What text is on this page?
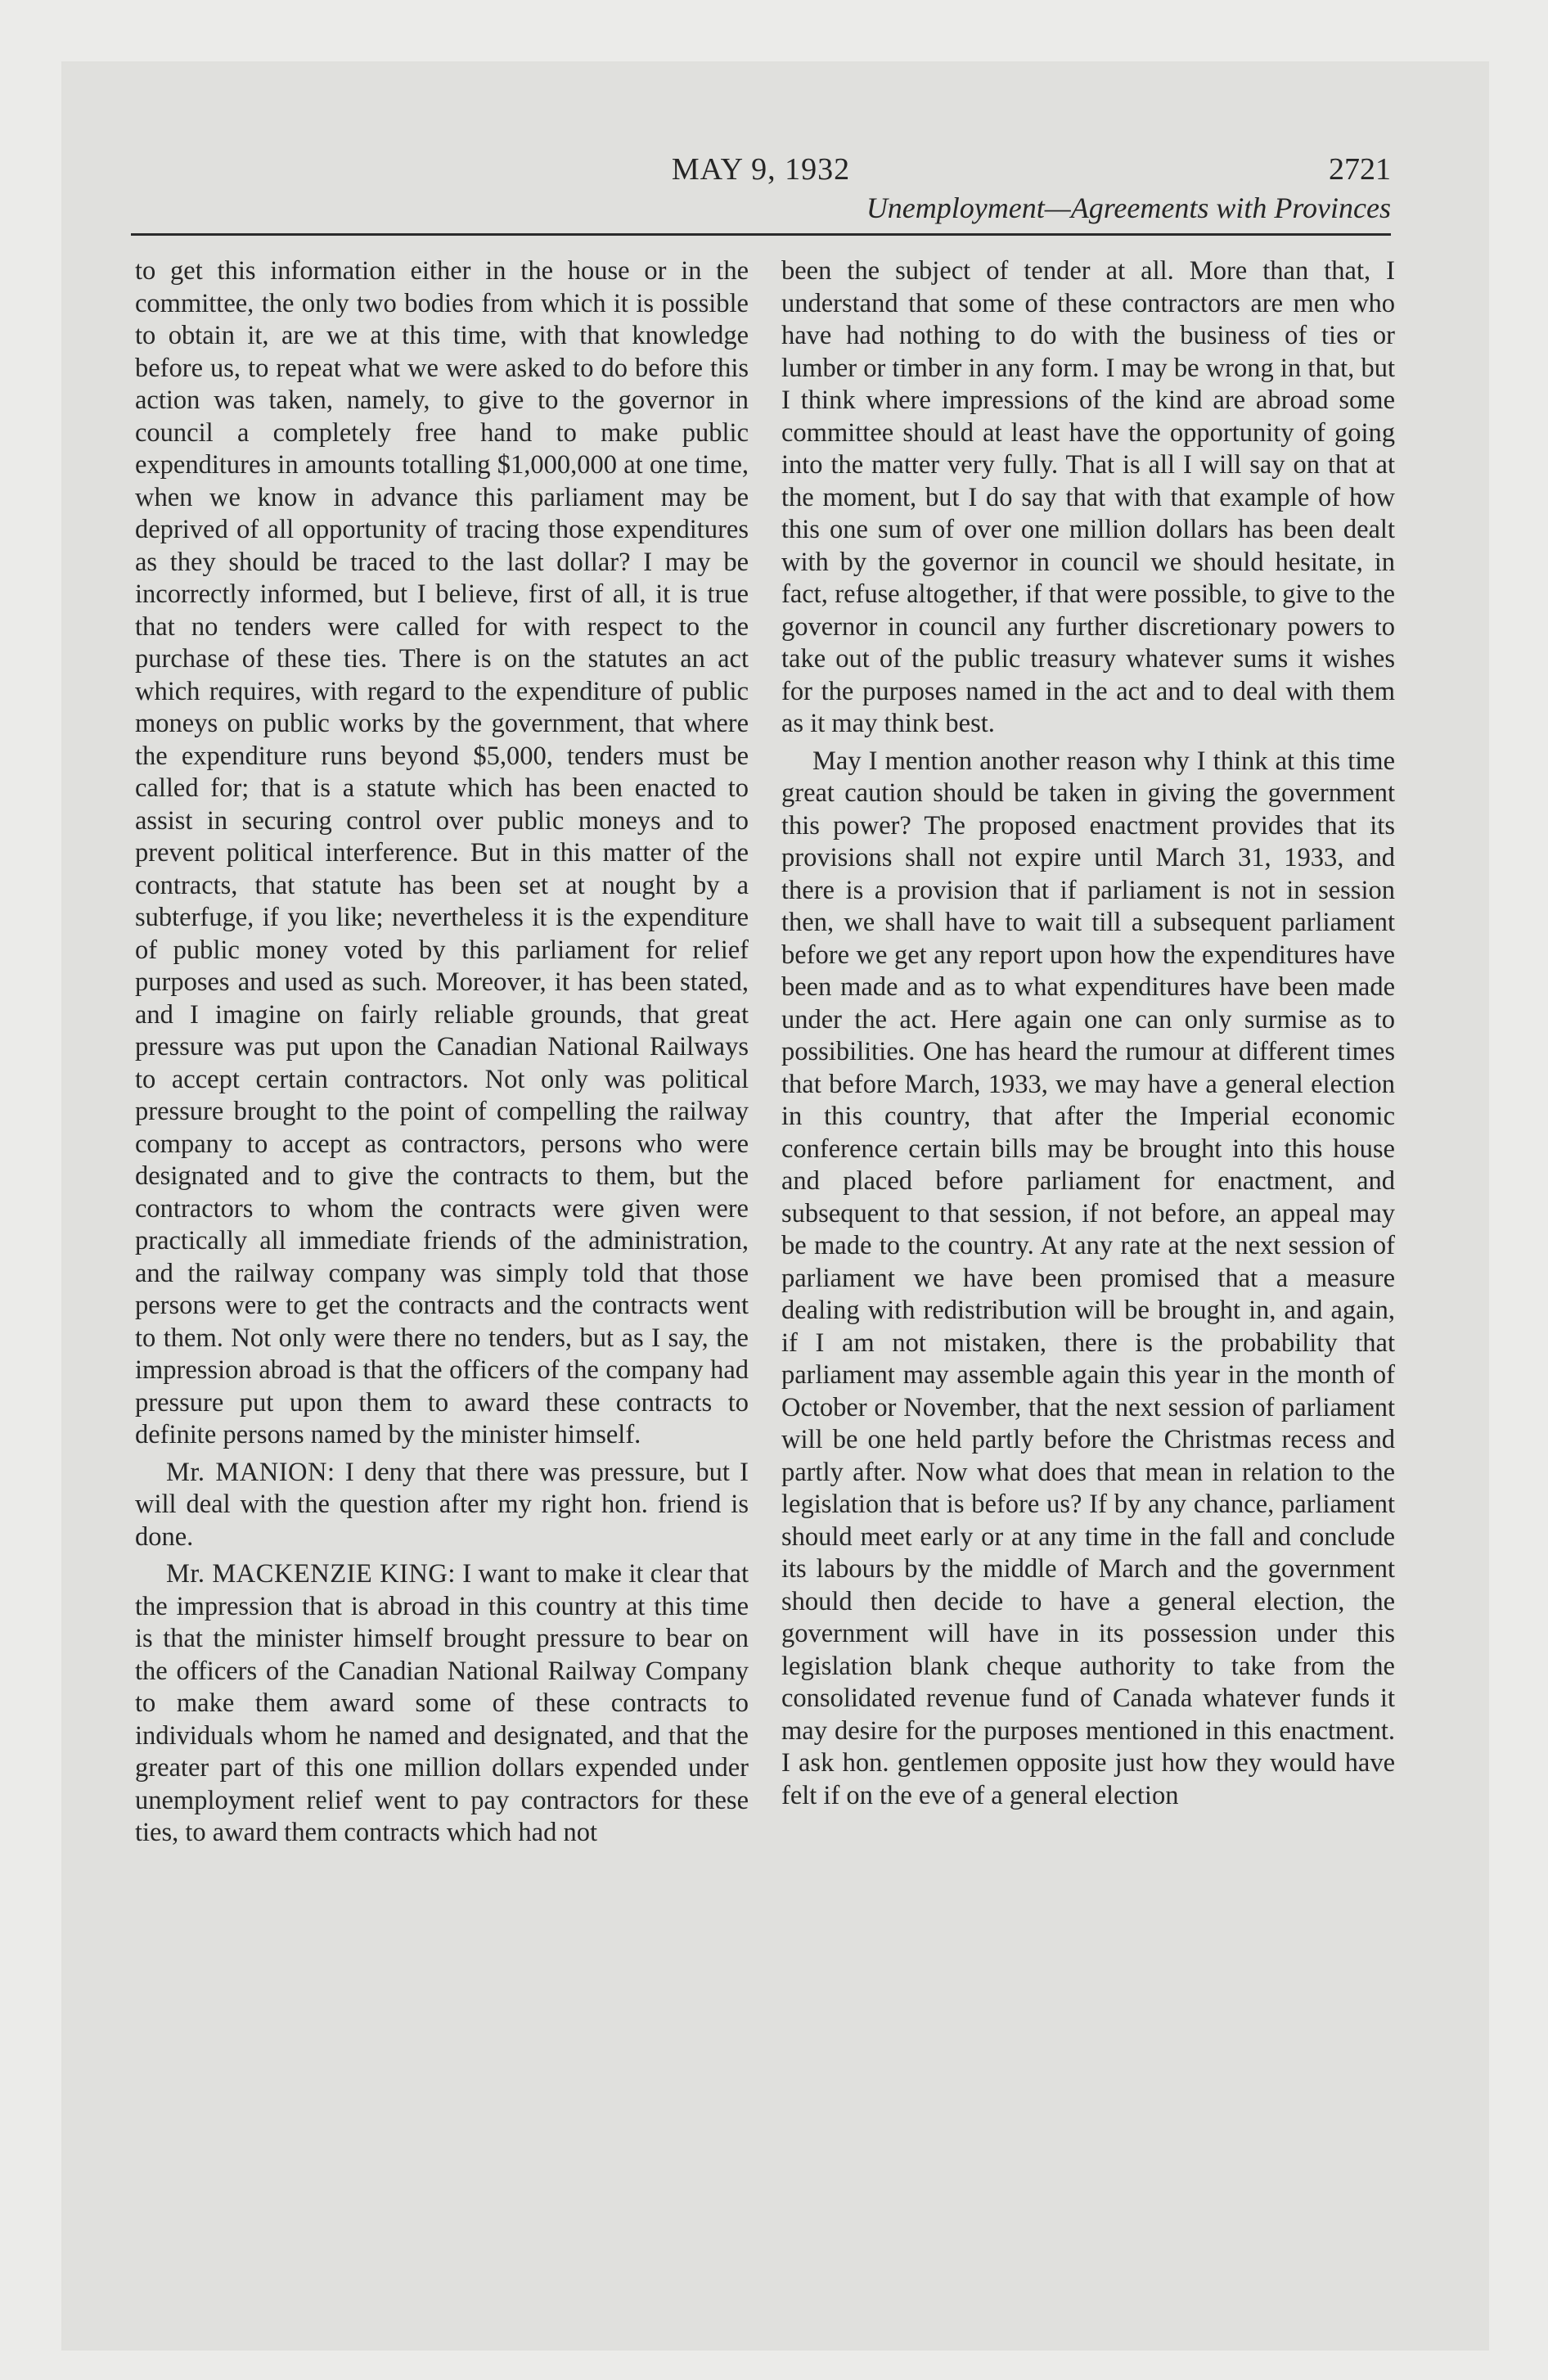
MAY 9, 1932	2721
Unemployment—Agreements with Provinces

to get this information either in the house or in the committee, the only two bodies from which it is possible to obtain it, are we at this time, with that knowledge before us, to repeat what we were asked to do before this action was taken, namely, to give to the governor in council a completely free hand to make public expenditures in amounts totalling $1,000,000 at one time, when we know in advance this parliament may be deprived of all opportunity of tracing those expenditures as they should be traced to the last dollar? I may be incorrectly informed, but I believe, first of all, it is true that no tenders were called for with respect to the purchase of these ties. There is on the statutes an act which requires, with regard to the expenditure of public moneys on public works by the government, that where the expenditure runs beyond $5,000, tenders must be called for; that is a statute which has been enacted to assist in securing control over public moneys and to prevent political interference. But in this matter of the contracts, that statute has been set at nought by a subterfuge, if you like; nevertheless it is the expenditure of public money voted by this parliament for relief purposes and used as such. Moreover, it has been stated, and I imagine on fairly reliable grounds, that great pressure was put upon the Canadian National Railways to accept certain contractors. Not only was political pressure brought to the point of compelling the railway company to accept as contractors, persons who were designated and to give the contracts to them, but the contractors to whom the contracts were given were practically all immediate friends of the administration, and the railway company was simply told that those persons were to get the contracts and the contracts went to them. Not only were there no tenders, but as I say, the impression abroad is that the officers of the company had pressure put upon them to award these contracts to definite persons named by the minister himself.

Mr. MANION: I deny that there was pressure, but I will deal with the question after my right hon. friend is done.

Mr. MACKENZIE KING: I want to make it clear that the impression that is abroad in this country at this time is that the minister himself brought pressure to bear on the officers of the Canadian National Railway Company to make them award some of these contracts to individuals whom he named and designated, and that the greater part of this one million dollars expended under unemployment relief went to pay contractors for these ties, to award them contracts which had not

been the subject of tender at all. More than that, I understand that some of these contractors are men who have had nothing to do with the business of ties or lumber or timber in any form. I may be wrong in that, but I think where impressions of the kind are abroad some committee should at least have the opportunity of going into the matter very fully. That is all I will say on that at the moment, but I do say that with that example of how this one sum of over one million dollars has been dealt with by the governor in council we should hesitate, in fact, refuse altogether, if that were possible, to give to the governor in council any further discretionary powers to take out of the public treasury whatever sums it wishes for the purposes named in the act and to deal with them as it may think best.

May I mention another reason why I think at this time great caution should be taken in giving the government this power? The proposed enactment provides that its provisions shall not expire until March 31, 1933, and there is a provision that if parliament is not in session then, we shall have to wait till a subsequent parliament before we get any report upon how the expenditures have been made and as to what expenditures have been made under the act. Here again one can only surmise as to possibilities. One has heard the rumour at different times that before March, 1933, we may have a general election in this country, that after the Imperial economic conference certain bills may be brought into this house and placed before parliament for enactment, and subsequent to that session, if not before, an appeal may be made to the country. At any rate at the next session of parliament we have been promised that a measure dealing with redistribution will be brought in, and again, if I am not mistaken, there is the probability that parliament may assemble again this year in the month of October or November, that the next session of parliament will be one held partly before the Christmas recess and partly after. Now what does that mean in relation to the legislation that is before us? If by any chance, parliament should meet early or at any time in the fall and conclude its labours by the middle of March and the government should then decide to have a general election, the government will have in its possession under this legislation blank cheque authority to take from the consolidated revenue fund of Canada whatever funds it may desire for the purposes mentioned in this enactment. I ask hon. gentlemen opposite just how they would have felt if on the eve of a general election
